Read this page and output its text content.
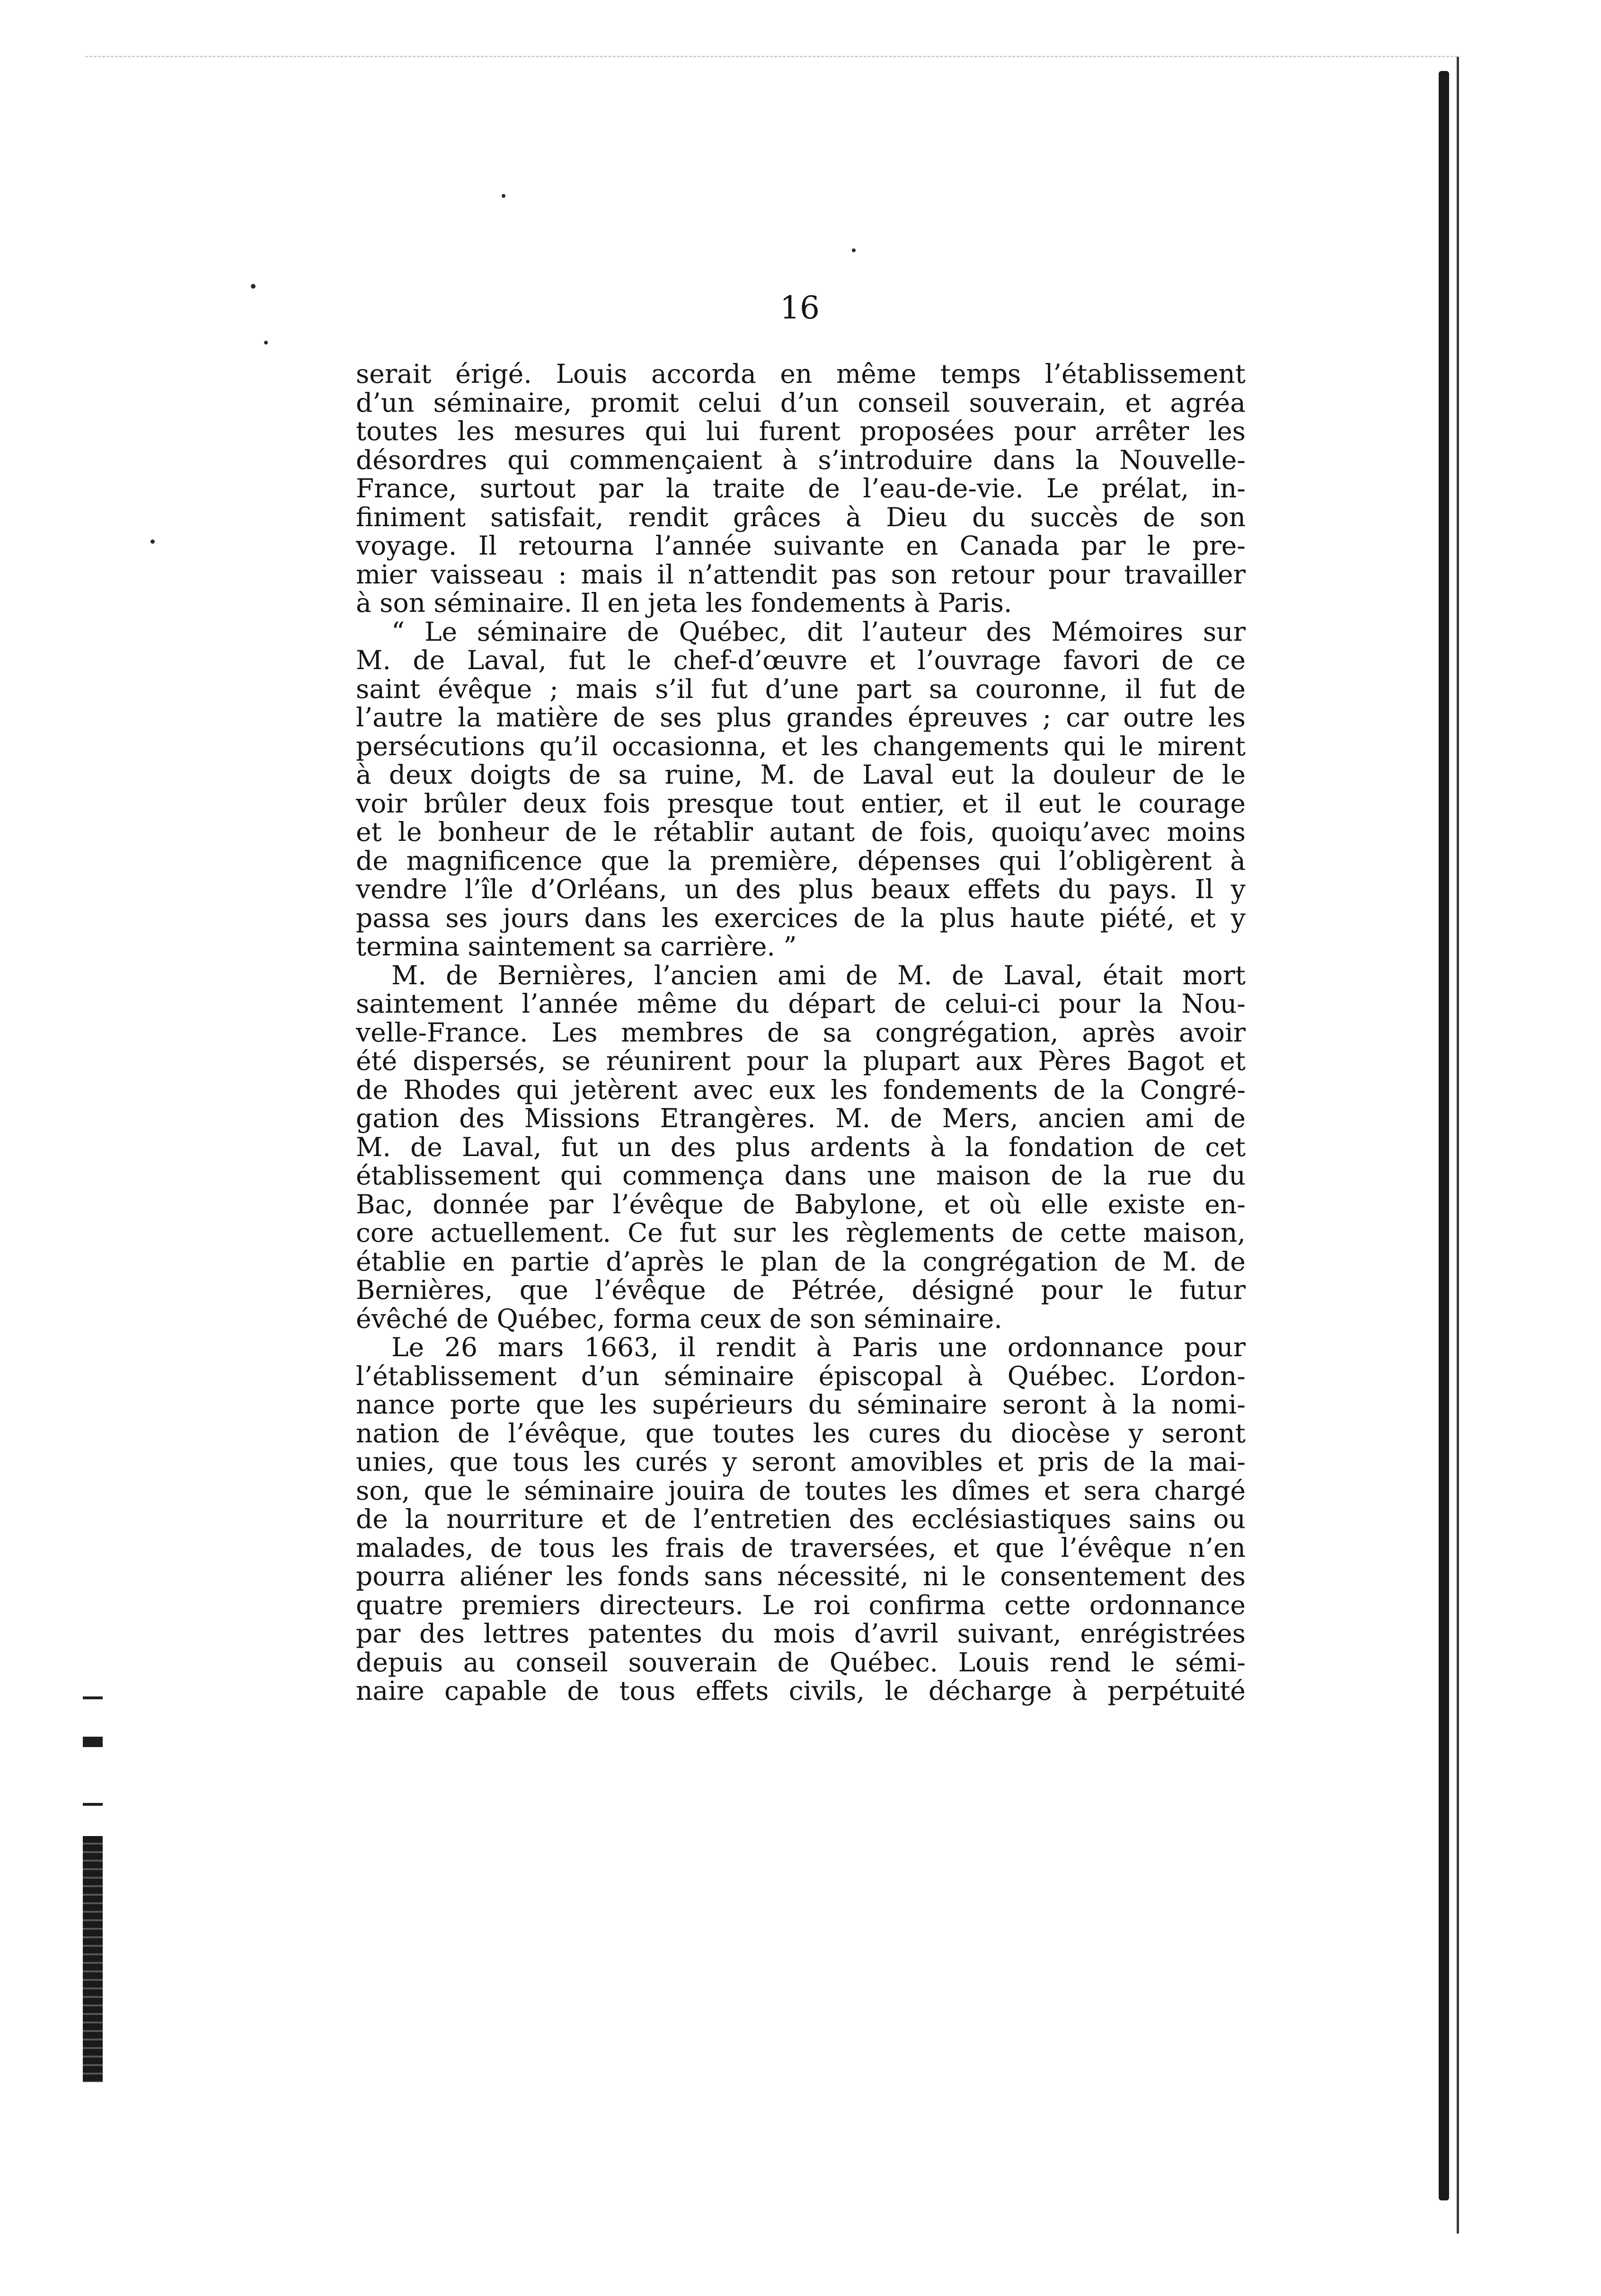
16
serait érigé. Louis accorda en même temps l’établissement
d’un séminaire, promit celui d’un conseil souverain, et agréa
toutes les mesures qui lui furent proposées pour arrêter les
désordres qui commençaient à s’introduire dans la Nouvelle-
France, surtout par la traite de l’eau-de-vie. Le prélat, in-
finiment satisfait, rendit grâces à Dieu du succès de son
voyage. Il retourna l’année suivante en Canada par le pre-
mier vaisseau : mais il n’attendit pas son retour pour travailler
à son séminaire. Il en jeta les fondements à Paris.
“ Le séminaire de Québec, dit l’auteur des Mémoires sur
M. de Laval, fut le chef-d’œuvre et l’ouvrage favori de ce
saint évêque ; mais s’il fut d’une part sa couronne, il fut de
l’autre la matière de ses plus grandes épreuves ; car outre les
persécutions qu’il occasionna, et les changements qui le mirent
à deux doigts de sa ruine, M. de Laval eut la douleur de le
voir brûler deux fois presque tout entier, et il eut le courage
et le bonheur de le rétablir autant de fois, quoiqu’avec moins
de magnificence que la première, dépenses qui l’obligèrent à
vendre l’île d’Orléans, un des plus beaux effets du pays. Il y
passa ses jours dans les exercices de la plus haute piété, et y
termina saintement sa carrière. ”
M. de Bernières, l’ancien ami de M. de Laval, était mort
saintement l’année même du départ de celui-ci pour la Nou-
velle-France. Les membres de sa congrégation, après avoir
été dispersés, se réunirent pour la plupart aux Pères Bagot et
de Rhodes qui jetèrent avec eux les fondements de la Congré-
gation des Missions Etrangères. M. de Mers, ancien ami de
M. de Laval, fut un des plus ardents à la fondation de cet
établissement qui commença dans une maison de la rue du
Bac, donnée par l’évêque de Babylone, et où elle existe en-
core actuellement. Ce fut sur les règlements de cette maison,
établie en partie d’après le plan de la congrégation de M. de
Bernières, que l’évêque de Pétrée, désigné pour le futur
évêché de Québec, forma ceux de son séminaire.
Le 26 mars 1663, il rendit à Paris une ordonnance pour
l’établissement d’un séminaire épiscopal à Québec. L’ordon-
nance porte que les supérieurs du séminaire seront à la nomi-
nation de l’évêque, que toutes les cures du diocèse y seront
unies, que tous les curés y seront amovibles et pris de la mai-
son, que le séminaire jouira de toutes les dîmes et sera chargé
de la nourriture et de l’entretien des ecclésiastiques sains ou
malades, de tous les frais de traversées, et que l’évêque n’en
pourra aliéner les fonds sans nécessité, ni le consentement des
quatre premiers directeurs. Le roi confirma cette ordonnance
par des lettres patentes du mois d’avril suivant, enrégistrées
depuis au conseil souverain de Québec. Louis rend le sémi-
naire capable de tous effets civils, le décharge à perpétuité
